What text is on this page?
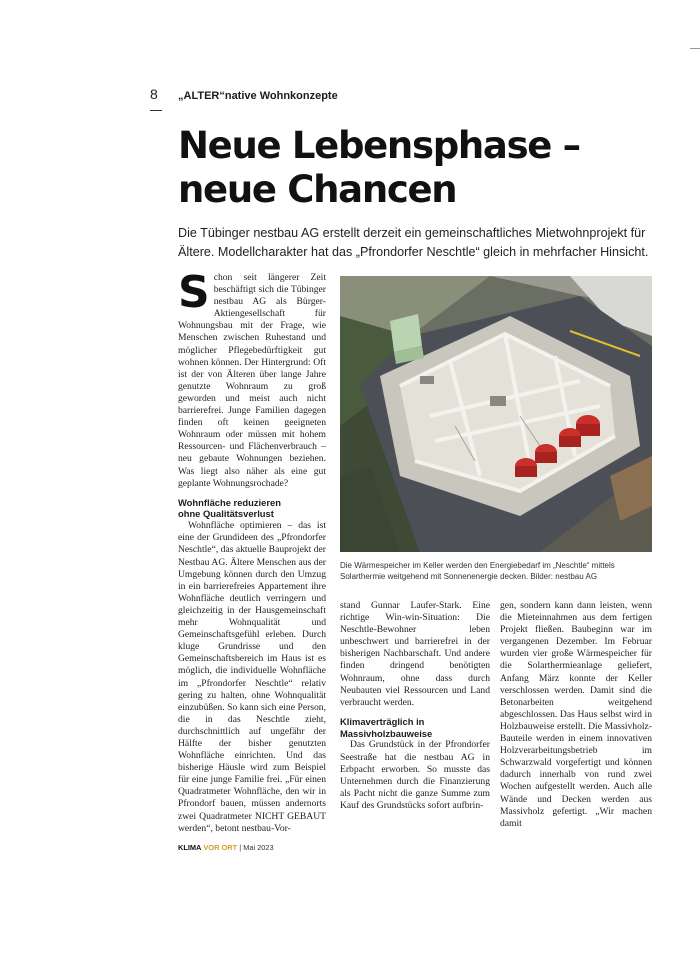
8 „ALTER“native Wohnkonzepte
Neue Lebensphase –
neue Chancen

Die Tübinger nestbau AG erstellt derzeit ein gemeinschaftliches Mietwohnprojekt für
Ältere. Modellcharakter hat das „Pfrondorfer Neschtle“ gleich in mehrfacher Hinsicht.

Schon seit längerer Zeit beschäftigt sich die Tübinger nestbau AG als Bürger-Aktiengesellschaft für Wohnungsbau mit der Frage, wie Menschen zwischen Ruhestand und möglicher Pflegebedürftigkeit gut wohnen können. Der Hintergrund: Oft ist der von Älteren über lange Jahre genutzte Wohnraum zu groß geworden und meist auch nicht barrierefrei. Junge Familien dagegen finden oft keinen geeigneten Wohnraum oder müssen mit hohem Ressourcen- und Flächenverbrauch – neu gebaute Wohnungen beziehen. Was liegt also näher als eine gut geplante Wohnungsrochade?

Wohnfläche reduzieren
ohne Qualitätsverlust

Wohnfläche optimieren – das ist eine der Grundideen des „Pfrondorfer Neschtle“, das aktuelle Bauprojekt der Nestbau AG. Ältere Menschen aus der Umgebung können durch den Umzug in ein barrierefreies Appartement ihre Wohnfläche deutlich verringern und gleichzeitig in der Hausgemeinschaft mehr Wohnqualität und Gemeinschaftsgefühl erleben. Durch kluge Grundrisse und den Gemeinschaftsbereich im Haus ist es möglich, die individuelle Wohnfläche im „Pfrondorfer Neschtle“ relativ gering zu halten, ohne Wohnqualität einzubüßen. So kann sich eine Person, die in das Neschtle zieht, durchschnittlich auf ungefähr der Hälfte der bisher genutzten Wohnfläche einrichten. Und das bisherige Häusle wird zum Beispiel für eine junge Familie frei. „Für einen Quadratmeter Wohnfläche, den wir in Pfrondorf bauen, müssen andernorts zwei Quadratmeter NICHT GEBAUT werden“, betont nestbau-Vor-

Die Wärmespeicher im Keller werden den Energiebedarf im „Neschtle“ mittels
Solarthermie weitgehend mit Sonnenenergie decken. Bilder: nestbau AG

stand Gunnar Laufer-Stark. Eine richtige Win-win-Situation: Die Neschtle-Bewohner leben unbeschwert und barrierefrei in der bisherigen Nachbarschaft. Und andere finden dringend benötigten Wohnraum, ohne dass durch Neubauten viel Ressourcen und Land verbraucht werden.

Klimaverträglich in
Massivholzbauweise

Das Grundstück in der Pfrondorfer Seestraße hat die nestbau AG in Erbpacht erworben. So musste das Unternehmen durch die Finanzierung als Pacht nicht die ganze Summe zum Kauf des Grundstücks sofort aufbrin-

gen, sondern kann dann leisten, wenn die Mieteinnahmen aus dem fertigen Projekt fließen. Baubeginn war im vergangenen Dezember. Im Februar wurden vier große Wärmespeicher für die Solarthermieanlage geliefert, Anfang März konnte der Keller verschlossen werden. Damit sind die Betonarbeiten weitgehend abgeschlossen. Das Haus selbst wird in Holzbauweise erstellt. Die Massivholz-Bauteile werden in einem innovativen Holzverarbeitungsbetrieb im Schwarzwald vorgefertigt und können dadurch innerhalb von rund zwei Wochen aufgestellt werden. Auch alle Wände und Decken werden aus Massivholz gefertigt. „Wir machen damit

KLIMA VOR ORT | Mai 2023
